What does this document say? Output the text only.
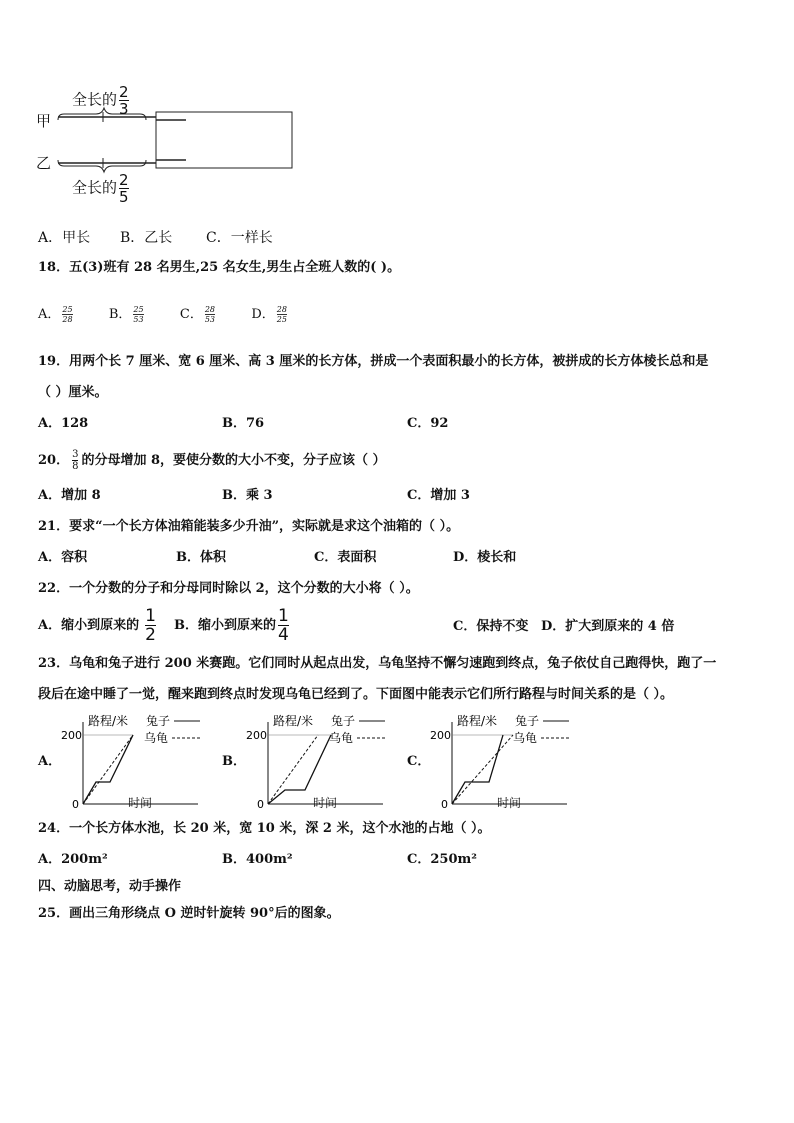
全长的 $\frac{2}{3}$
甲
乙
全长的 $\frac{2}{5}$
A．甲长 B．乙长 C．一样长
18．五(3)班有 28 名男生,25 名女生,男生占全班人数的( )。
A． $\frac{25}{28}$	B． $\frac{25}{53}$	C． $\frac{28}{53}$	D． $\frac{28}{25}$
19．用两个长 7 厘米、宽 6 厘米、高 3 厘米的长方体，拼成一个表面积最小的长方体，被拼成的长方体棱长总和是
（ ）厘米。
A．128	B．76	C．92
20． $\frac{3}{8}$ 的分母增加 8，要使分数的大小不变，分子应该（ ）
A．增加 8	B．乘 3	C．增加 3
21．要求“一个长方体油箱能装多少升油”，实际就是求这个油箱的（ ）。
A．容积	B．体积	C．表面积	D．棱长和
22．一个分数的分子和分母同时除以 2，这个分数的大小将（ ）。
A．缩小到原来的 $\frac{1}{2}$ B．缩小到原来的 $\frac{1}{4}$	C．保持不变 D．扩大到原来的 4 倍
23．乌龟和兔子进行 200 米赛跑。它们同时从起点出发，乌龟坚持不懈匀速跑到终点，兔子依仗自己跑得快，跑了一
段后在途中睡了一觉，醒来跑到终点时发现乌龟已经到了。下面图中能表示它们所行路程与时间关系的是（ ）。
A．	B．	C．
200
0
路程/米 兔子
乌龟
时间
200
0
路程/米 兔子
乌龟
时间
200
0
路程/米 兔子
乌龟
时间
24．一个长方体水池，长 20 米，宽 10 米，深 2 米，这个水池的占地（ ）。
A．200m²	B．400m²	C．250m²
四、动脑思考，动手操作
25．画出三角形绕点 O 逆时针旋转 90°后的图象。
